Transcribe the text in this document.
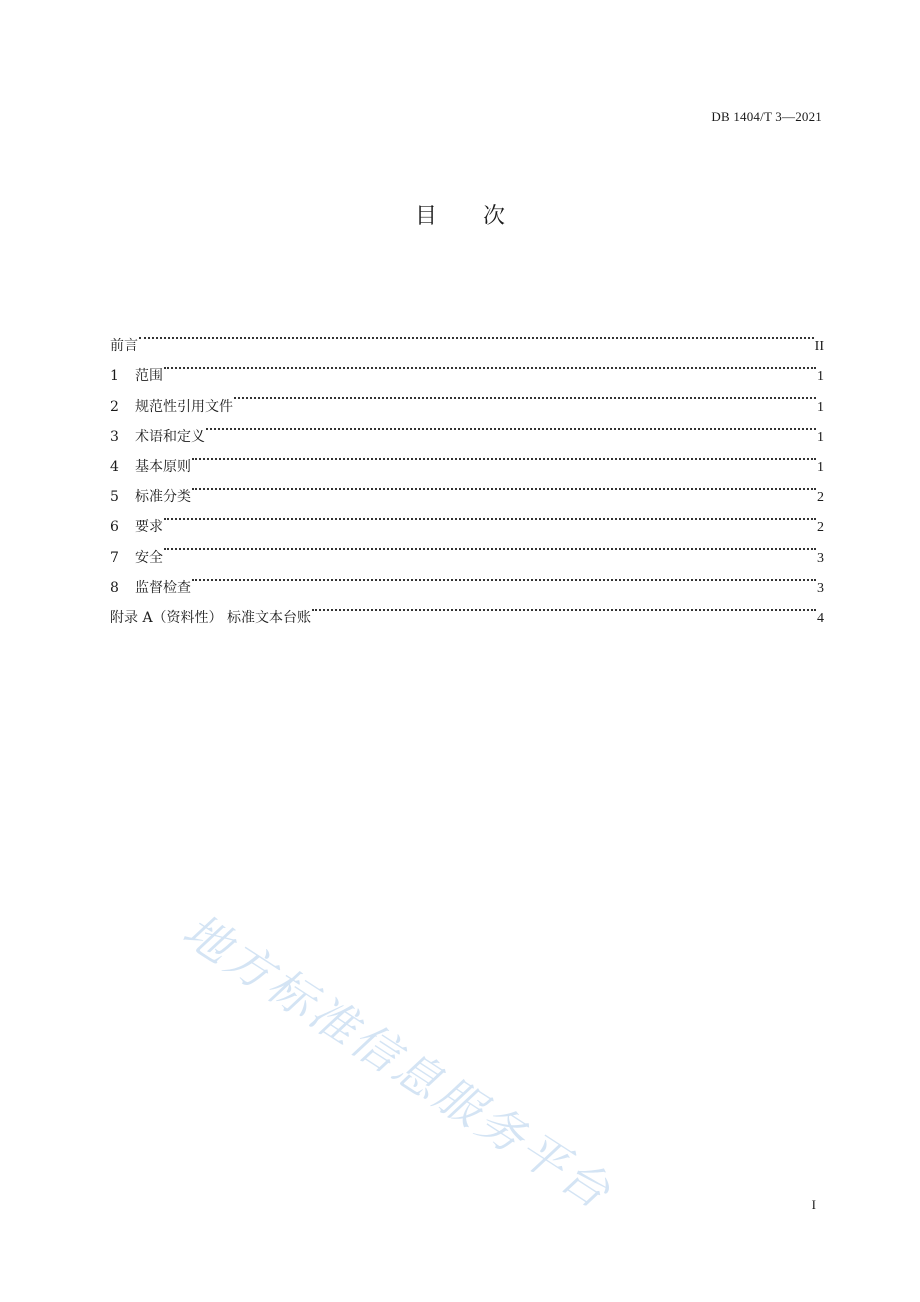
DB 1404/T 3—2021
目次
前言	II
1	范围	1
2	规范性引用文件	1
3	术语和定义	1
4	基本原则	1
5	标准分类	2
6	要求	2
7	安全	3
8	监督检查	3
附录 A（资料性） 标准文本台账	4
地方标准信息服务平台	I
